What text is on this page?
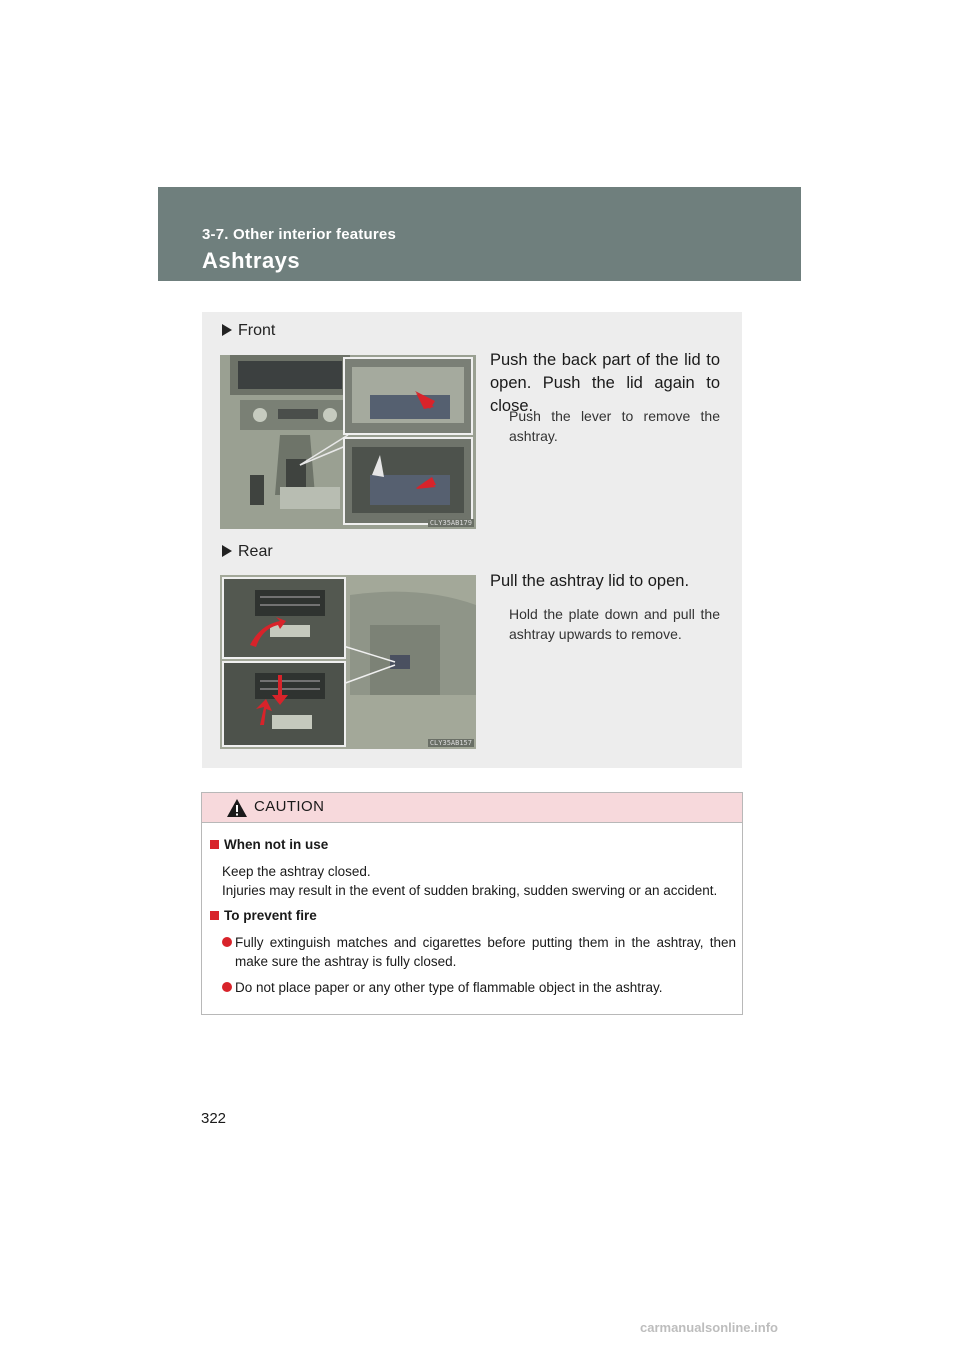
3-7. Other interior features
Ashtrays
Front
CLY35AB179
Push the back part of the lid to open. Push the lid again to close.
Push the lever to remove the ashtray.
Rear
CLY35AB157
Pull the ashtray lid to open.
Hold the plate down and pull the ashtray upwards to remove.
CAUTION
When not in use
Keep the ashtray closed.
Injuries may result in the event of sudden braking, sudden swerving or an accident.
To prevent fire
Fully extinguish matches and cigarettes before putting them in the ashtray, then make sure the ashtray is fully closed.
Do not place paper or any other type of flammable object in the ashtray.
322
carmanualsonline.info
